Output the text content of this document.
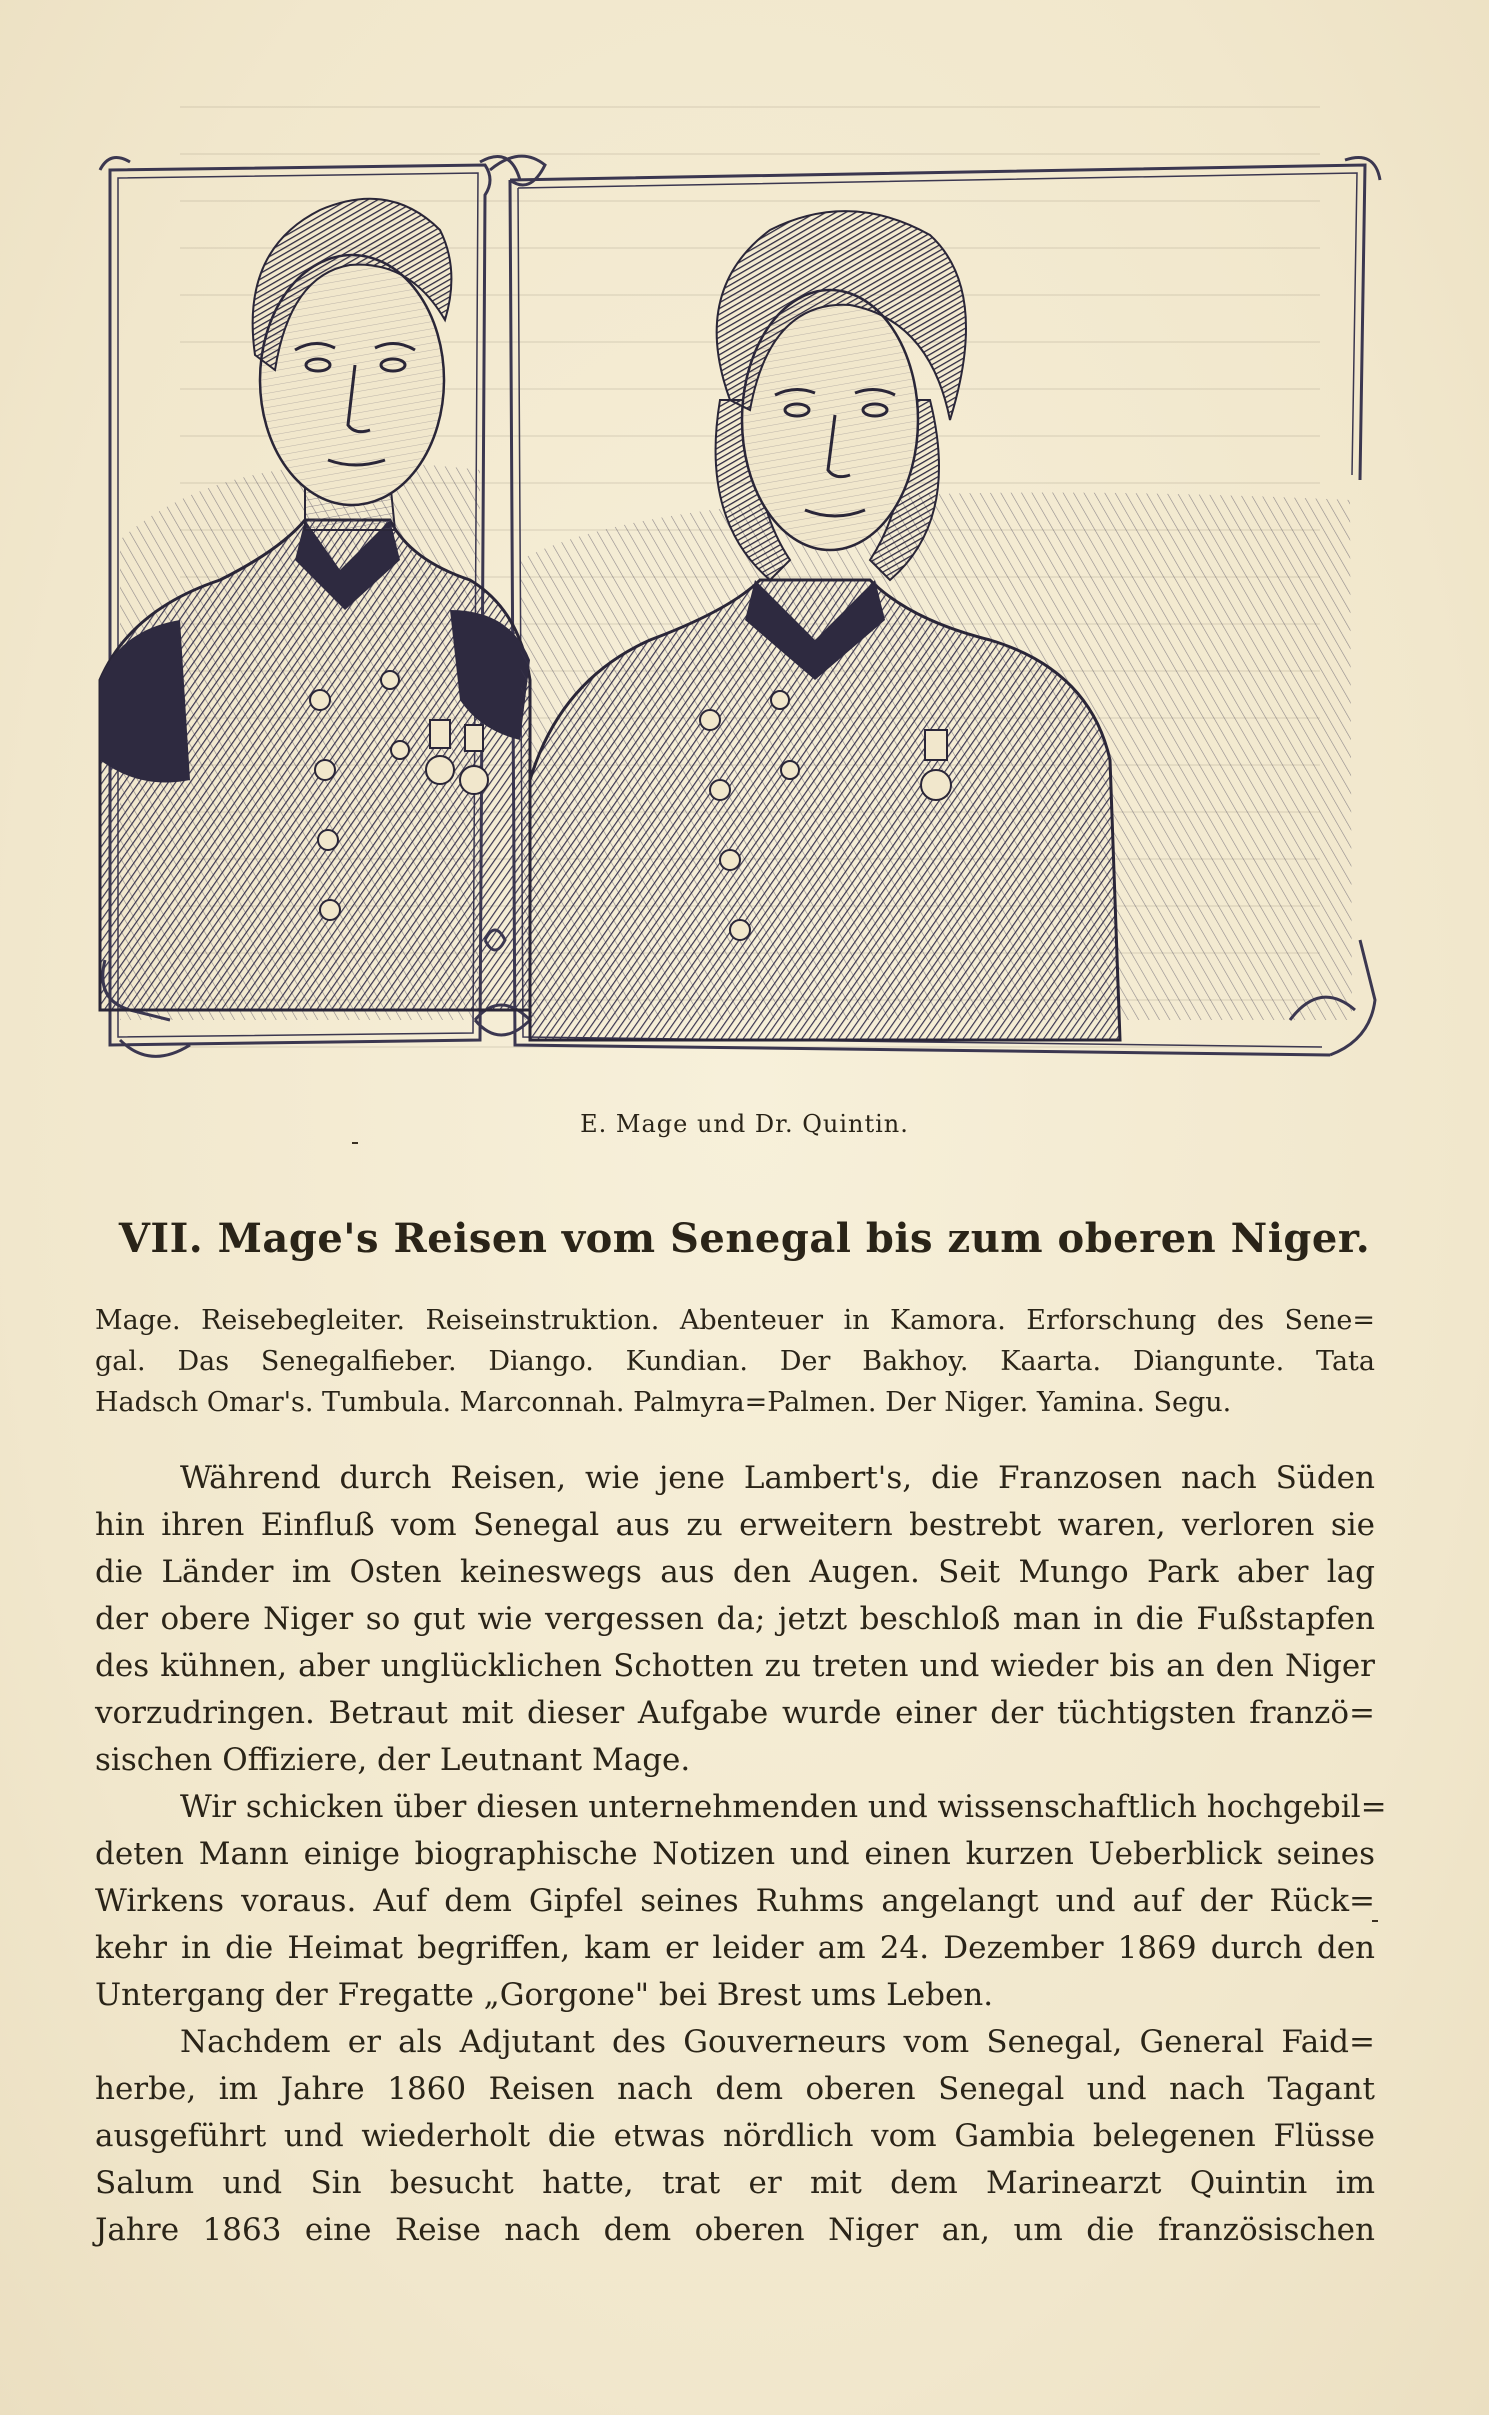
E. Mage und Dr. Quintin.
VII. Mage's Reisen vom Senegal bis zum oberen Niger.
Mage. Reisebegleiter. Reiseinstruktion. Abenteuer in Kamora. Erforschung des Sene=
gal. Das Senegalfieber. Diango. Kundian. Der Bakhoy. Kaarta. Diangunte. Tata
Hadsch Omar's. Tumbula. Marconnah. Palmyra=Palmen. Der Niger. Yamina. Segu.
Während durch Reisen, wie jene Lambert's, die Franzosen nach Süden
hin ihren Einfluß vom Senegal aus zu erweitern bestrebt waren, verloren sie
die Länder im Osten keineswegs aus den Augen. Seit Mungo Park aber lag
der obere Niger so gut wie vergessen da; jetzt beschloß man in die Fußstapfen
des kühnen, aber unglücklichen Schotten zu treten und wieder bis an den Niger
vorzudringen. Betraut mit dieser Aufgabe wurde einer der tüchtigsten franzö=
sischen Offiziere, der Leutnant Mage.
Wir schicken über diesen unternehmenden und wissenschaftlich hochgebil=
deten Mann einige biographische Notizen und einen kurzen Ueberblick seines
Wirkens voraus. Auf dem Gipfel seines Ruhms angelangt und auf der Rück=
kehr in die Heimat begriffen, kam er leider am 24. Dezember 1869 durch den
Untergang der Fregatte „Gorgone" bei Brest ums Leben.
Nachdem er als Adjutant des Gouverneurs vom Senegal, General Faid=
herbe, im Jahre 1860 Reisen nach dem oberen Senegal und nach Tagant
ausgeführt und wiederholt die etwas nördlich vom Gambia belegenen Flüsse
Salum und Sin besucht hatte, trat er mit dem Marinearzt Quintin im
Jahre 1863 eine Reise nach dem oberen Niger an, um die französischen
